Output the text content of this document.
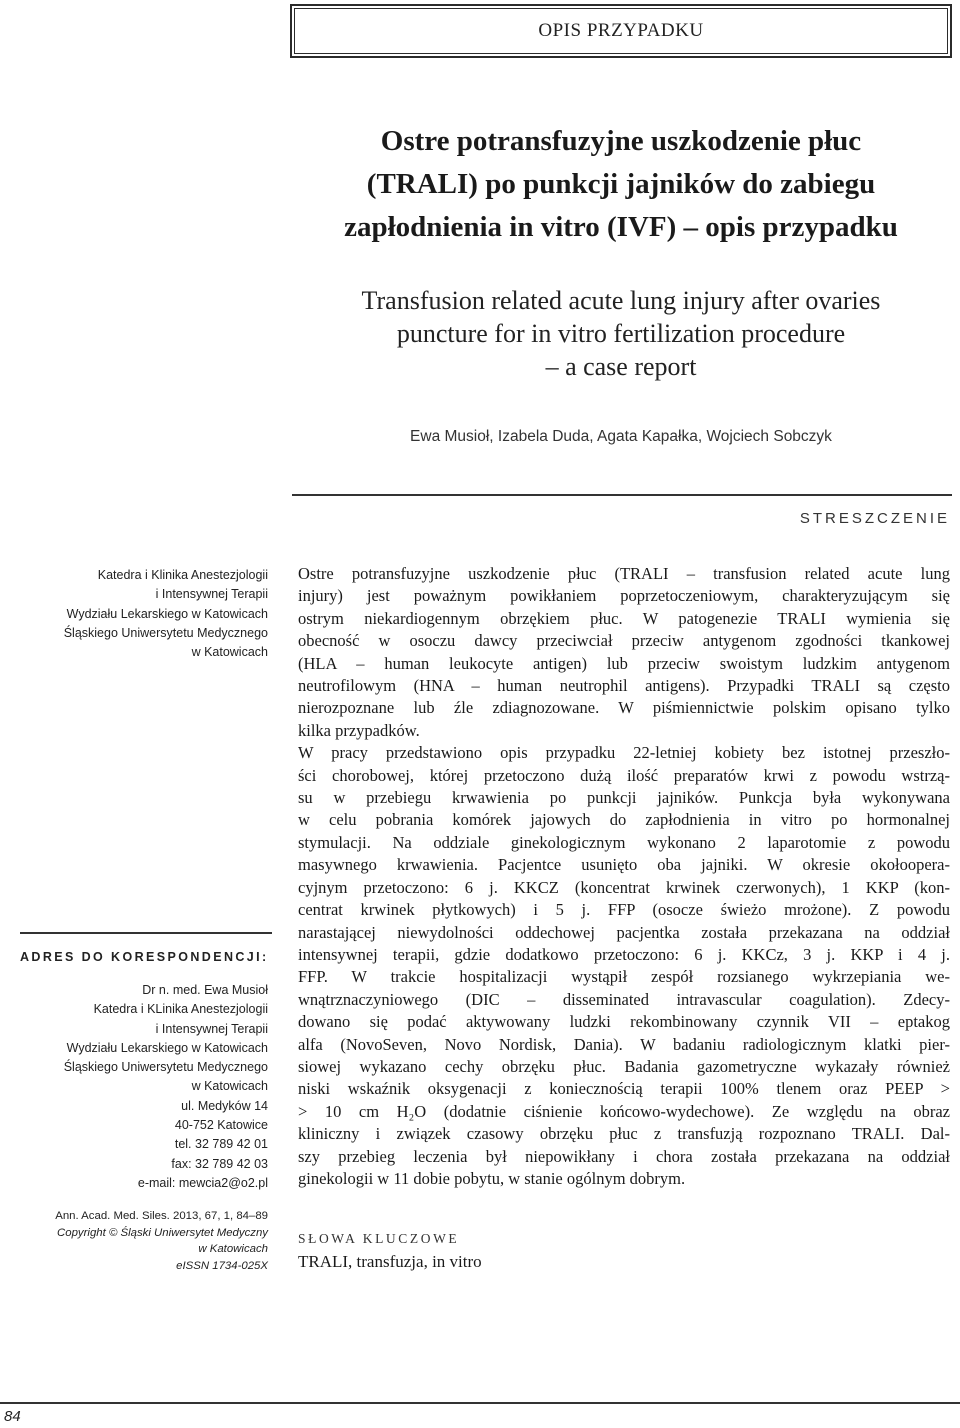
OPIS PRZYPADKU
Ostre potransfuzyjne uszkodzenie płuc
(TRALI) po punkcji jajników do zabiegu
zapłodnienia in vitro (IVF) – opis przypadku
Transfusion related acute lung injury after ovaries
puncture for in vitro fertilization procedure
– a case report
Ewa Musioł, Izabela Duda, Agata Kapałka, Wojciech Sobczyk
STRESZCZENIE
Katedra i Klinika Anestezjologii
i Intensywnej Terapii
Wydziału Lekarskiego w Katowicach
Śląskiego Uniwersytetu Medycznego
w Katowicach
ADRES DO KORESPONDENCJI:
Dr n. med. Ewa Musioł
Katedra i KLinika Anestezjologii
i Intensywnej Terapii
Wydziału Lekarskiego w Katowicach
Śląskiego Uniwersytetu Medycznego
w Katowicach
ul. Medyków 14
40-752 Katowice
tel. 32 789 42 01
fax: 32 789 42 03
e-mail: mewcia2@o2.pl
Ann. Acad. Med. Siles. 2013, 67, 1, 84–89
Copyright © Śląski Uniwersytet Medyczny
w Katowicach
eISSN 1734-025X
Ostre potransfuzyjne uszkodzenie płuc (TRALI – transfusion related acute lung
injury) jest poważnym powikłaniem poprzetoczeniowym, charakteryzującym się
ostrym niekardiogennym obrzękiem płuc. W patogenezie TRALI wymienia się
obecność w osoczu dawcy przeciwciał przeciw antygenom zgodności tkankowej
(HLA – human leukocyte antigen) lub przeciw swoistym ludzkim antygenom
neutrofilowym (HNA – human neutrophil antigens). Przypadki TRALI są często
nierozpoznane lub źle zdiagnozowane. W piśmiennictwie polskim opisano tylko
kilka przypadków.
W pracy przedstawiono opis przypadku 22-letniej kobiety bez istotnej przeszło-
ści chorobowej, której przetoczono dużą ilość preparatów krwi z powodu wstrzą-
su w przebiegu krwawienia po punkcji jajników. Punkcja była wykonywana
w celu pobrania komórek jajowych do zapłodnienia in vitro po hormonalnej
stymulacji. Na oddziale ginekologicznym wykonano 2 laparotomie z powodu
masywnego krwawienia. Pacjentce usunięto oba jajniki. W okresie okołoopera-
cyjnym przetoczono: 6 j. KKCZ (koncentrat krwinek czerwonych), 1 KKP (kon-
centrat krwinek płytkowych) i 5 j. FFP (osocze świeżo mrożone). Z powodu
narastającej niewydolności oddechowej pacjentka została przekazana na oddział
intensywnej terapii, gdzie dodatkowo przetoczono: 6 j. KKCz, 3 j. KKP i 4 j.
FFP. W trakcie hospitalizacji wystąpił zespół rozsianego wykrzepiania we-
wnątrznaczyniowego (DIC – disseminated intravascular coagulation). Zdecy-
dowano się podać aktywowany ludzki rekombinowany czynnik VII – eptakog
alfa (NovoSeven, Novo Nordisk, Dania). W badaniu radiologicznym klatki pier-
siowej wykazano cechy obrzęku płuc. Badania gazometryczne wykazały również
niski wskaźnik oksygenacji z koniecznością terapii 100% tlenem oraz PEEP >
> 10 cm H₂O (dodatnie ciśnienie końcowo-wydechowe). Ze względu na obraz
kliniczny i związek czasowy obrzęku płuc z transfuzją rozpoznano TRALI. Dal-
szy przebieg leczenia był niepowikłany i chora została przekazana na oddział
ginekologii w 11 dobie pobytu, w stanie ogólnym dobrym.
SŁOWA KLUCZOWE
TRALI, transfuzja, in vitro
84
